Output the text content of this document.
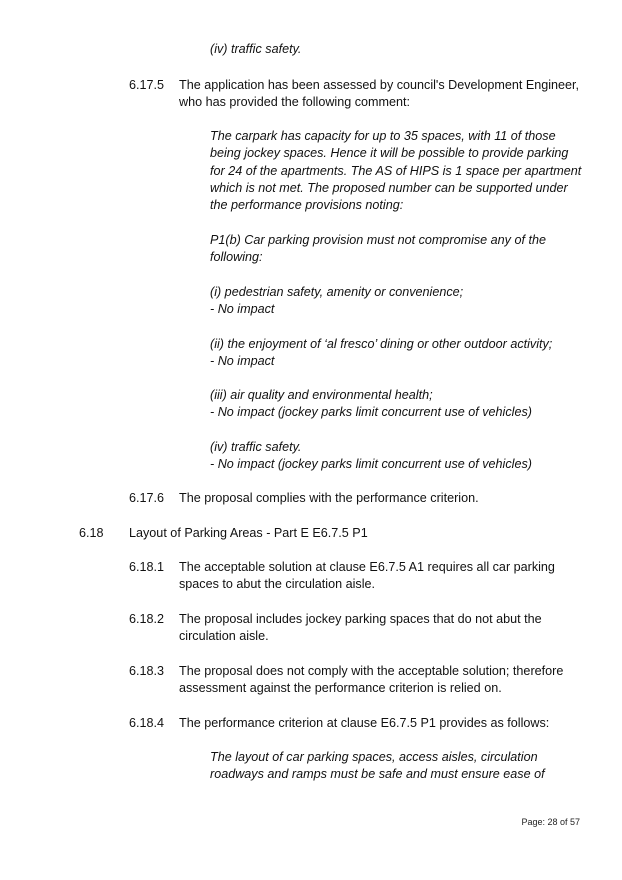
(iv) traffic safety.
6.17.5 The application has been assessed by council's Development Engineer,
who has provided the following comment:
The carpark has capacity for up to 35 spaces, with 11 of those
being jockey spaces. Hence it will be possible to provide parking
for 24 of the apartments. The AS of HIPS is 1 space per apartment
which is not met. The proposed number can be supported under
the performance provisions noting:
P1(b) Car parking provision must not compromise any of the
following:
(i) pedestrian safety, amenity or convenience;
- No impact
(ii) the enjoyment of ‘al fresco’ dining or other outdoor activity;
- No impact
(iii) air quality and environmental health;
- No impact (jockey parks limit concurrent use of vehicles)
(iv) traffic safety.
- No impact (jockey parks limit concurrent use of vehicles)
6.17.6 The proposal complies with the performance criterion.
6.18 Layout of Parking Areas - Part E E6.7.5 P1
6.18.1 The acceptable solution at clause E6.7.5 A1 requires all car parking
spaces to abut the circulation aisle.
6.18.2 The proposal includes jockey parking spaces that do not abut the
circulation aisle.
6.18.3 The proposal does not comply with the acceptable solution; therefore
assessment against the performance criterion is relied on.
6.18.4 The performance criterion at clause E6.7.5 P1 provides as follows:
The layout of car parking spaces, access aisles, circulation
roadways and ramps must be safe and must ensure ease of
Page: 28 of 57
